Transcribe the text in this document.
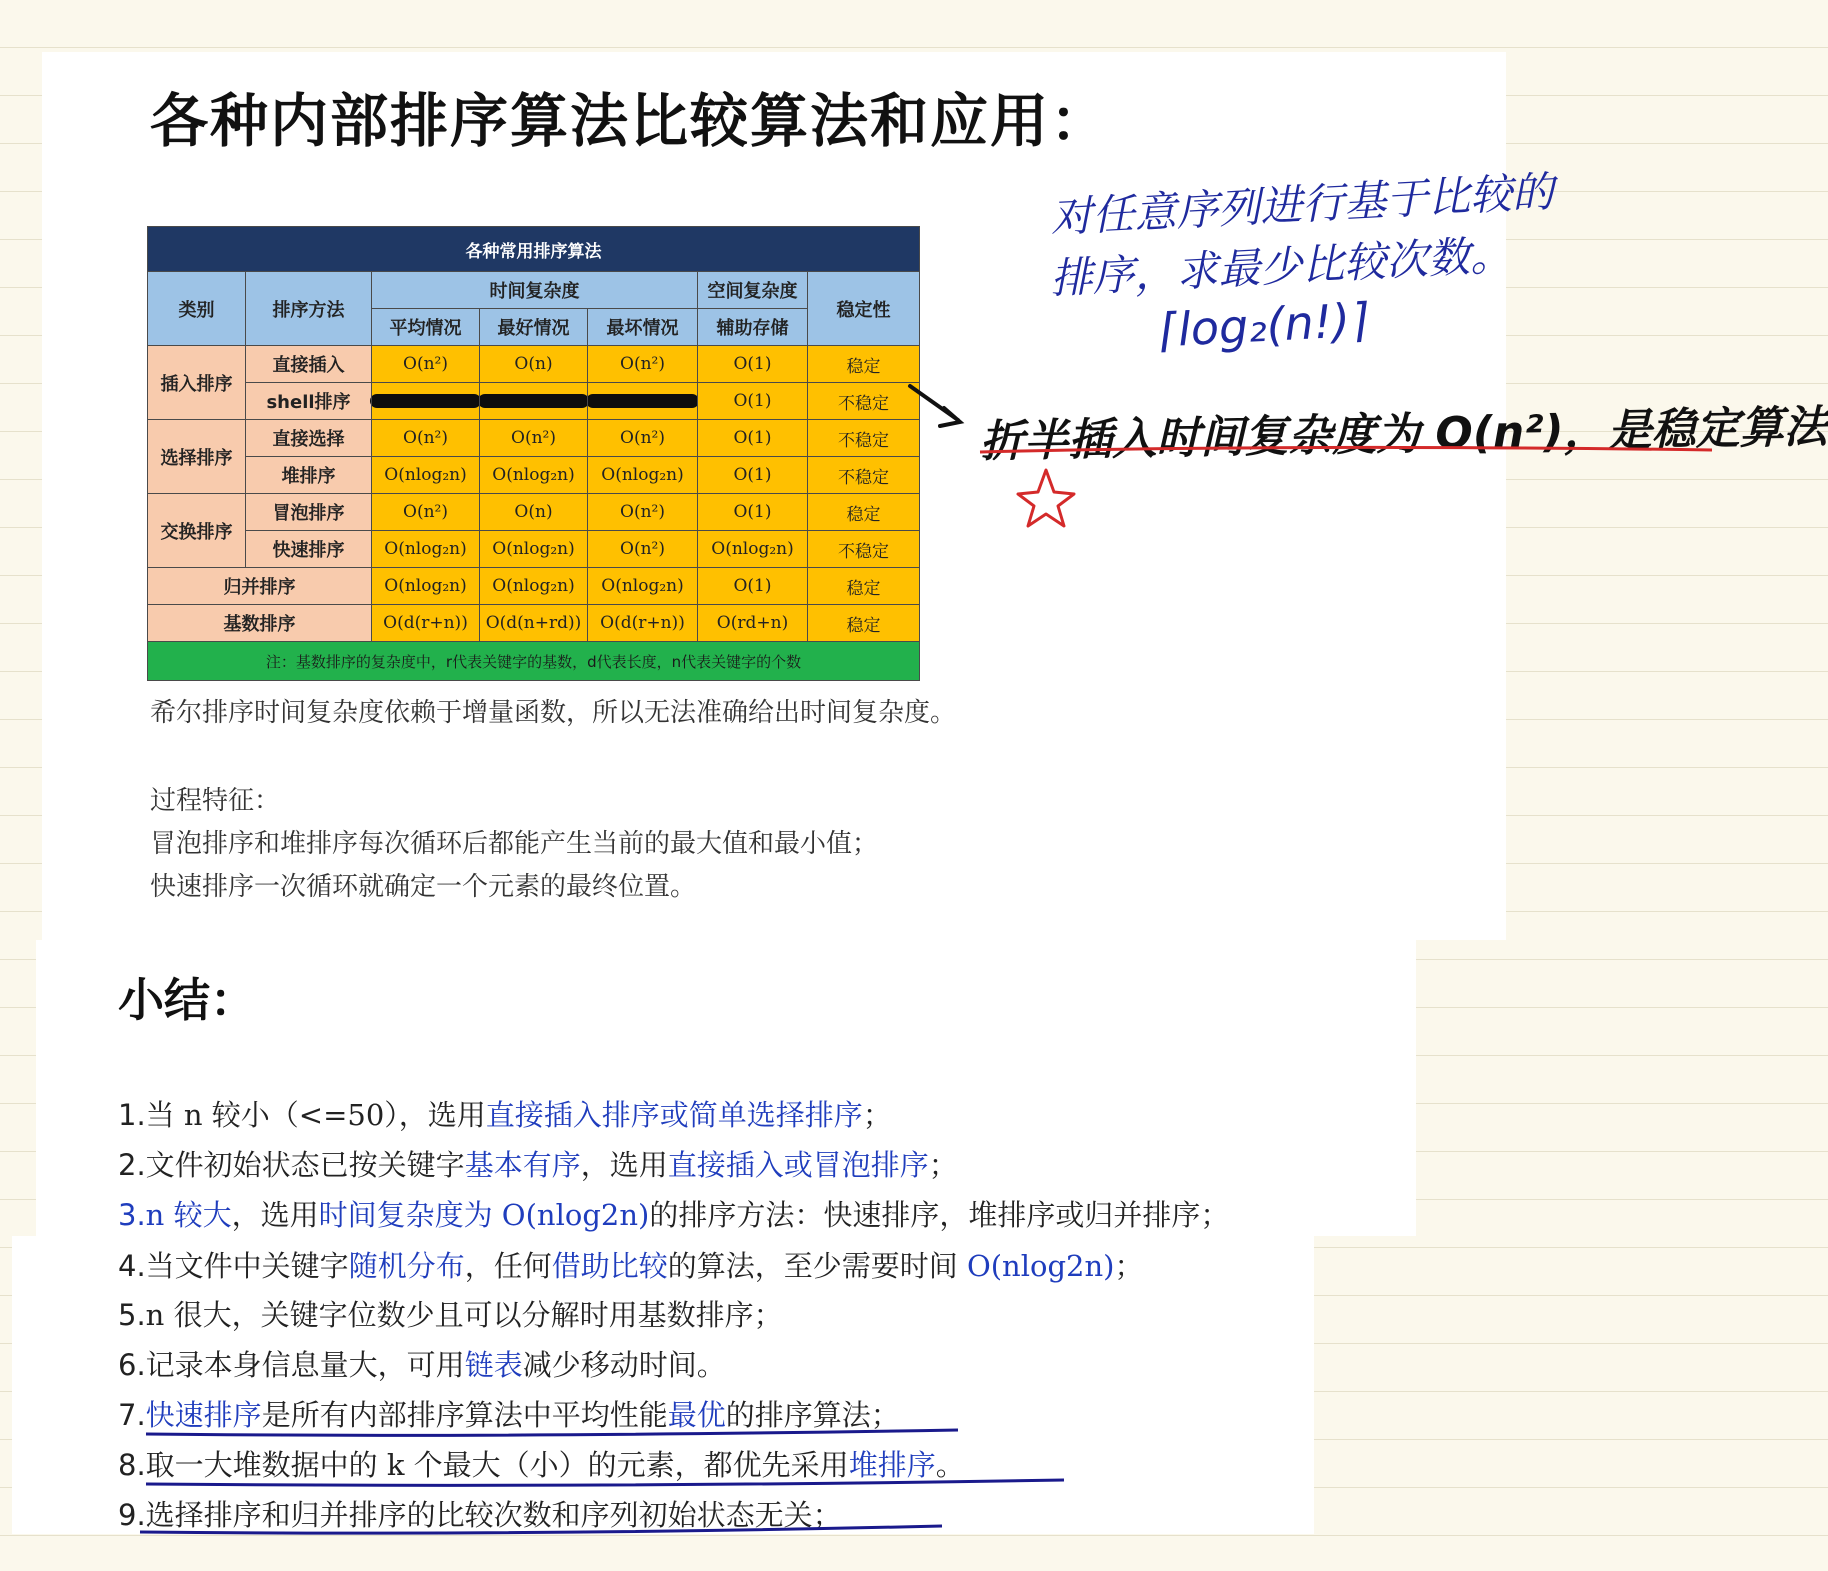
各种内部排序算法比较算法和应用：
各种常用排序算法						
类别	排序方法	时间复杂度			空间复杂度	稳定性
		平均情况	最好情况	最坏情况	辅助存储	
插入排序	直接插入	O(n²)	O(n)	O(n²)	O(1)	稳定
	shell排序				O(1)	不稳定
选择排序	直接选择	O(n²)	O(n²)	O(n²)	O(1)	不稳定
	堆排序	O(nlog₂n)	O(nlog₂n)	O(nlog₂n)	O(1)	不稳定
交换排序	冒泡排序	O(n²)	O(n)	O(n²)	O(1)	稳定
	快速排序	O(nlog₂n)	O(nlog₂n)	O(n²)	O(nlog₂n)	不稳定
归并排序		O(nlog₂n)	O(nlog₂n)	O(nlog₂n)	O(1)	稳定
基数排序		O(d(r+n))	O(d(n+rd))	O(d(r+n))	O(rd+n)	稳定
注：基数排序的复杂度中，r代表关键字的基数，d代表长度，n代表关键字的个数						

希尔排序时间复杂度依赖于增量函数，所以无法准确给出时间复杂度。

过程特征：

冒泡排序和堆排序每次循环后都能产生当前的最大值和最小值；

快速排序一次循环就确定一个元素的最终位置。

小结：

1.当 n 较小（<=50），选用直接插入排序或简单选择排序；

2.文件初始状态已按关键字基本有序，选用直接插入或冒泡排序；

3.n 较大，选用时间复杂度为 O(nlog2n)的排序方法：快速排序，堆排序或归并排序；

4.当文件中关键字随机分布，任何借助比较的算法，至少需要时间 O(nlog2n)；

5.n 很大，关键字位数少且可以分解时用基数排序；

6.记录本身信息量大，可用链表减少移动时间。

7.快速排序是所有内部排序算法中平均性能最优的排序算法；

8.取一大堆数据中的 k 个最大（小）的元素，都优先采用堆排序。

9.选择排序和归并排序的比较次数和序列初始状态无关；

对任意序列进行基于比较的
排序，求最少比较次数。
⌈log₂(n!)⌉
折半插入时间复杂度为 O(n²)，是稳定算法
